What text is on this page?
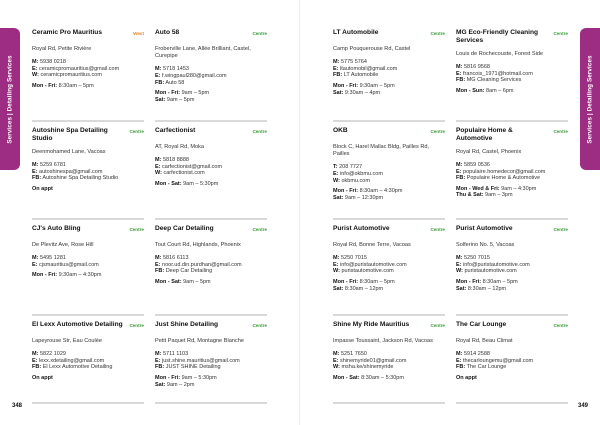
Services | Detailing Services
Ceramic Pro Mauritius	West
Royal Rd, Petite Rivière
M: 5938 0218
E: ceramicpromauritius@gmail.com
W: ceramicpromauritius.com
Mon - Fri: 8:30am – 5pm
Auto 58	Centre
Froberville Lane, Allée Brilliant, Castel, Curepipe
M: 5718 1453
E: f.wingpaul280@gmail.com
FB: Auto 58
Mon - Fri: 9am – 5pm
Sat: 9am – 5pm
Autoshine Spa Detailing Studio
Centre
Deenmohamed Lane, Vacoas
M: 5259 6781
E: autoshinespa@gmail.com
FB: Autoshine Spa Detailing Studio
On appt
Carfectionist	Centre
AT, Royal Rd, Moka
M: 5818 8888
E: carfectionist@gmail.com
W: carfectionist.com
Mon - Sat: 9am – 5:30pm
CJ's Auto Bling	Centre
De Plevitz Ave, Rose Hill
M: 5495 1281
E: cjsmauritius@gmail.com
Mon - Fri: 9:30am – 4:30pm
Deep Car Detailing	Centre
Tout Court Rd, Highlands, Phoenix
M: 5816 6113
E: noor.ud.din.purdhan@gmail.com
FB: Deep Car Detailing
Mon - Sat: 9am – 5pm
El Lexx Automotive Detailing Centre
Lapeyrouse Str, Eau Coulée
M: 5822 1029
E: lexx.xdetailing@gmail.com
FB: El Lexx Automotive Detailing
On appt
Just Shine Detailing	Centre
Petit Paquet Rd, Montagne Blanche
M: 5711 1103
E: just.shine.mauritius@gmail.com
FB: JUST SHINE Detailing
Mon - Fri: 9am – 5:30pm
Sat: 9am – 2pm
348
Services | Detailing Services
LT Automobile	Centre
Camp Pouquerouse Rd, Castel
M: 5775 5764
E: ltautomobil@gmail.com
FB: LT Automobile
Mon - Fri: 9:30am – 5pm
Sat: 9:30am – 4pm
MG Eco-Friendly Cleaning Services
Centre
Louis de Rochecouste, Forest Side
M: 5816 9568
E: francois_1971@hotmail.com
FB: MG Cleaning Services
Mon - Sun: 8am – 6pm
OKB	Centre
Block C, Harel Mallac Bldg, Pailles Rd, Pailles
T: 208 7727
E: info@okbmu.com
W: okbmu.com
Mon - Fri: 8:30am – 4:30pm
Sat: 9am – 12:30pm
Populaire Home & Automotive
Centre
Royal Rd, Castel, Phoenix
M: 5859 0536
E: populaire.homedecor@gmail.com
FB: Populaire Home & Automotive
Mon - Wed & Fri: 9am – 4:30pm
Thu & Sat: 9am – 3pm
Purist Automotive	Centre
Royal Rd, Bonne Terre, Vacoas
M: 5250 7015
E: info@puristautomotive.com
W: puristautomotive.com
Mon - Fri: 8:30am – 5pm
Sat: 8:30am – 12pm
Purist Automotive	Centre
Solferino No. 5, Vacoas
M: 5250 7015
E: info@puristautomotive.com
W: puristautomotive.com
Mon - Fri: 8:30am – 5pm
Sat: 8:30am – 12pm
Shine My Ride Mauritius	Centre
Impasse Toussaint, Jackson Rd, Vacoas
M: 5251 7650
E: shinemyride01@gmail.com
W: msha.ke/shinemyride
Mon - Sat: 8:30am – 5:30pm
The Car Lounge	Centre
Royal Rd, Beau Climat
M: 5914 2588
E: thecarloungemu@gmail.com
FB: The Car Lounge
On appt
349
